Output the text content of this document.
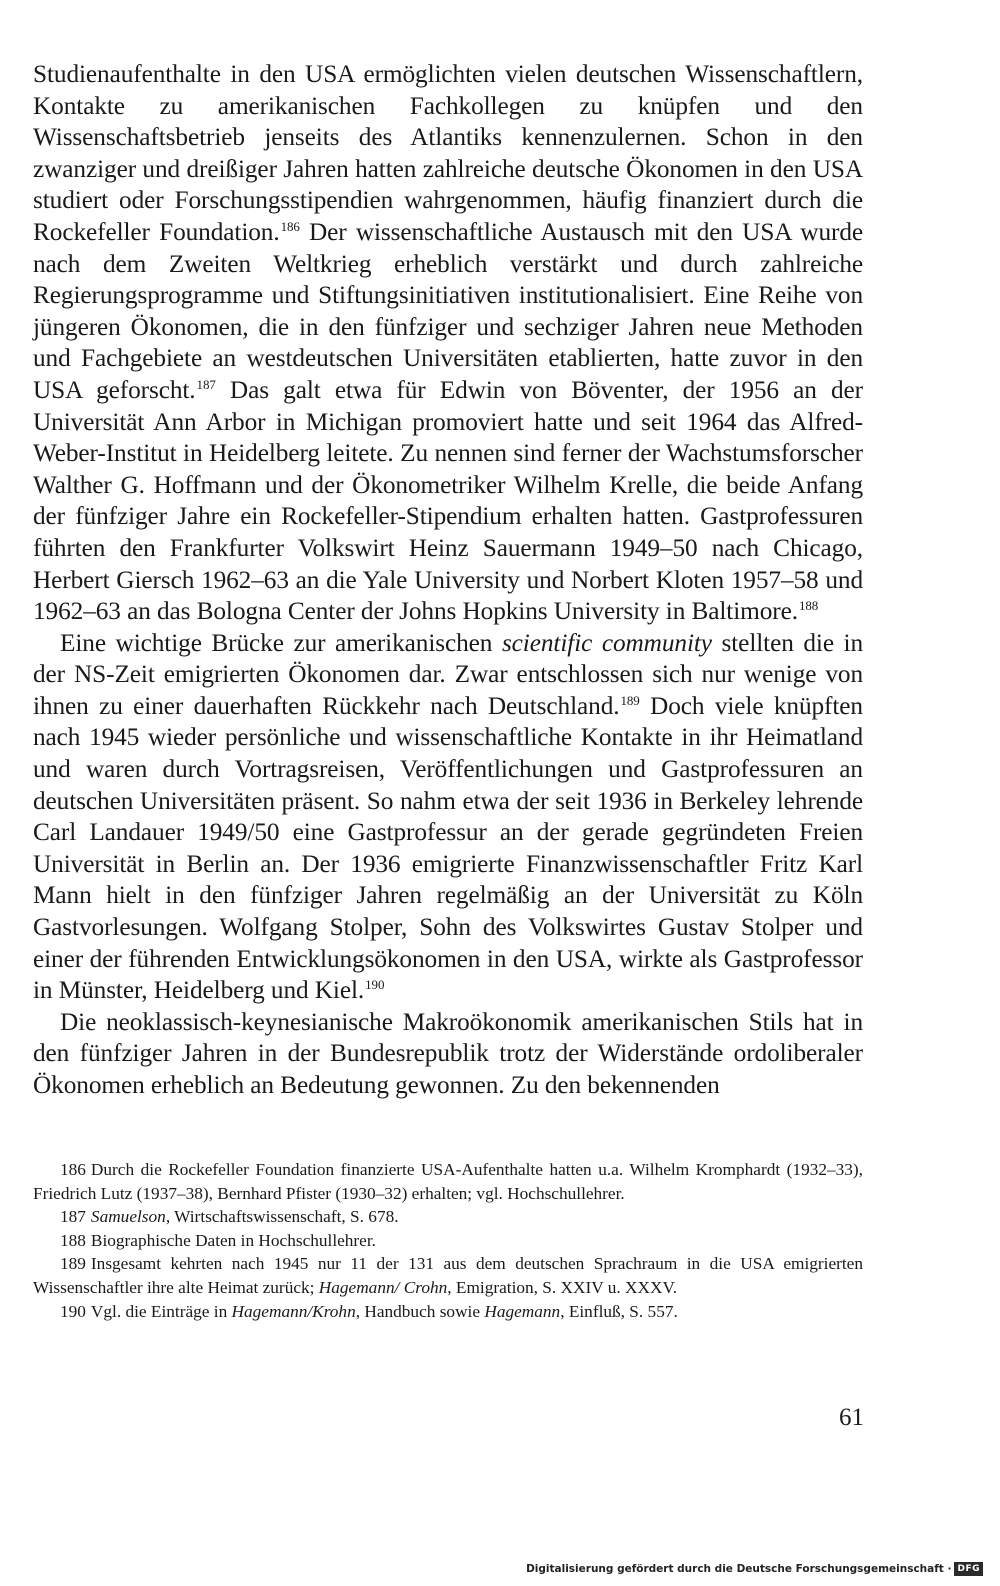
Studienaufenthalte in den USA ermöglichten vielen deutschen Wissenschaftlern, Kontakte zu amerikanischen Fachkollegen zu knüpfen und den Wissenschaftsbetrieb jenseits des Atlantiks kennenzulernen. Schon in den zwanziger und dreißiger Jahren hatten zahlreiche deutsche Ökonomen in den USA studiert oder Forschungsstipendien wahrgenommen, häufig finanziert durch die Rockefeller Foundation.$^{186}$ Der wissenschaftliche Austausch mit den USA wurde nach dem Zweiten Weltkrieg erheblich verstärkt und durch zahlreiche Regierungsprogramme und Stiftungsinitiativen institutionalisiert. Eine Reihe von jüngeren Ökonomen, die in den fünfziger und sechziger Jahren neue Methoden und Fachgebiete an westdeutschen Universitäten etablierten, hatte zuvor in den USA geforscht.$^{187}$ Das galt etwa für Edwin von Böventer, der 1956 an der Universität Ann Arbor in Michigan promoviert hatte und seit 1964 das Alfred-Weber-Institut in Heidelberg leitete. Zu nennen sind ferner der Wachstumsforscher Walther G. Hoffmann und der Ökonometriker Wilhelm Krelle, die beide Anfang der fünfziger Jahre ein Rockefeller-Stipendium erhalten hatten. Gastprofessuren führten den Frankfurter Volkswirt Heinz Sauermann 1949–50 nach Chicago, Herbert Giersch 1962–63 an die Yale University und Norbert Kloten 1957–58 und 1962–63 an das Bologna Center der Johns Hopkins University in Baltimore.$^{188}$

Eine wichtige Brücke zur amerikanischen scientific community stellten die in der NS-Zeit emigrierten Ökonomen dar. Zwar entschlossen sich nur wenige von ihnen zu einer dauerhaften Rückkehr nach Deutschland.$^{189}$ Doch viele knüpften nach 1945 wieder persönliche und wissenschaftliche Kontakte in ihr Heimatland und waren durch Vortragsreisen, Veröffentlichungen und Gastprofessuren an deutschen Universitäten präsent. So nahm etwa der seit 1936 in Berkeley lehrende Carl Landauer 1949/50 eine Gastprofessur an der gerade gegründeten Freien Universität in Berlin an. Der 1936 emigrierte Finanzwissenschaftler Fritz Karl Mann hielt in den fünfziger Jahren regelmäßig an der Universität zu Köln Gastvorlesungen. Wolfgang Stolper, Sohn des Volkswirtes Gustav Stolper und einer der führenden Entwicklungsökonomen in den USA, wirkte als Gastprofessor in Münster, Heidelberg und Kiel.$^{190}$

Die neoklassisch-keynesianische Makroökonomik amerikanischen Stils hat in den fünfziger Jahren in der Bundesrepublik trotz der Widerstände ordoliberaler Ökonomen erheblich an Bedeutung gewonnen. Zu den bekennenden

186 Durch die Rockefeller Foundation finanzierte USA-Aufenthalte hatten u.a. Wilhelm Kromphardt (1932–33), Friedrich Lutz (1937–38), Bernhard Pfister (1930–32) erhalten; vgl. Hochschullehrer.

187 Samuelson, Wirtschaftswissenschaft, S. 678.

188 Biographische Daten in Hochschullehrer.

189 Insgesamt kehrten nach 1945 nur 11 der 131 aus dem deutschen Sprachraum in die USA emigrierten Wissenschaftler ihre alte Heimat zurück; Hagemann/ Crohn, Emigration, S. XXIV u. XXXV.

190 Vgl. die Einträge in Hagemann/Krohn, Handbuch sowie Hagemann, Einfluß, S. 557.

61
Digitalisierung gefördert durch die Deutsche Forschungsgemeinschaft · DFG
